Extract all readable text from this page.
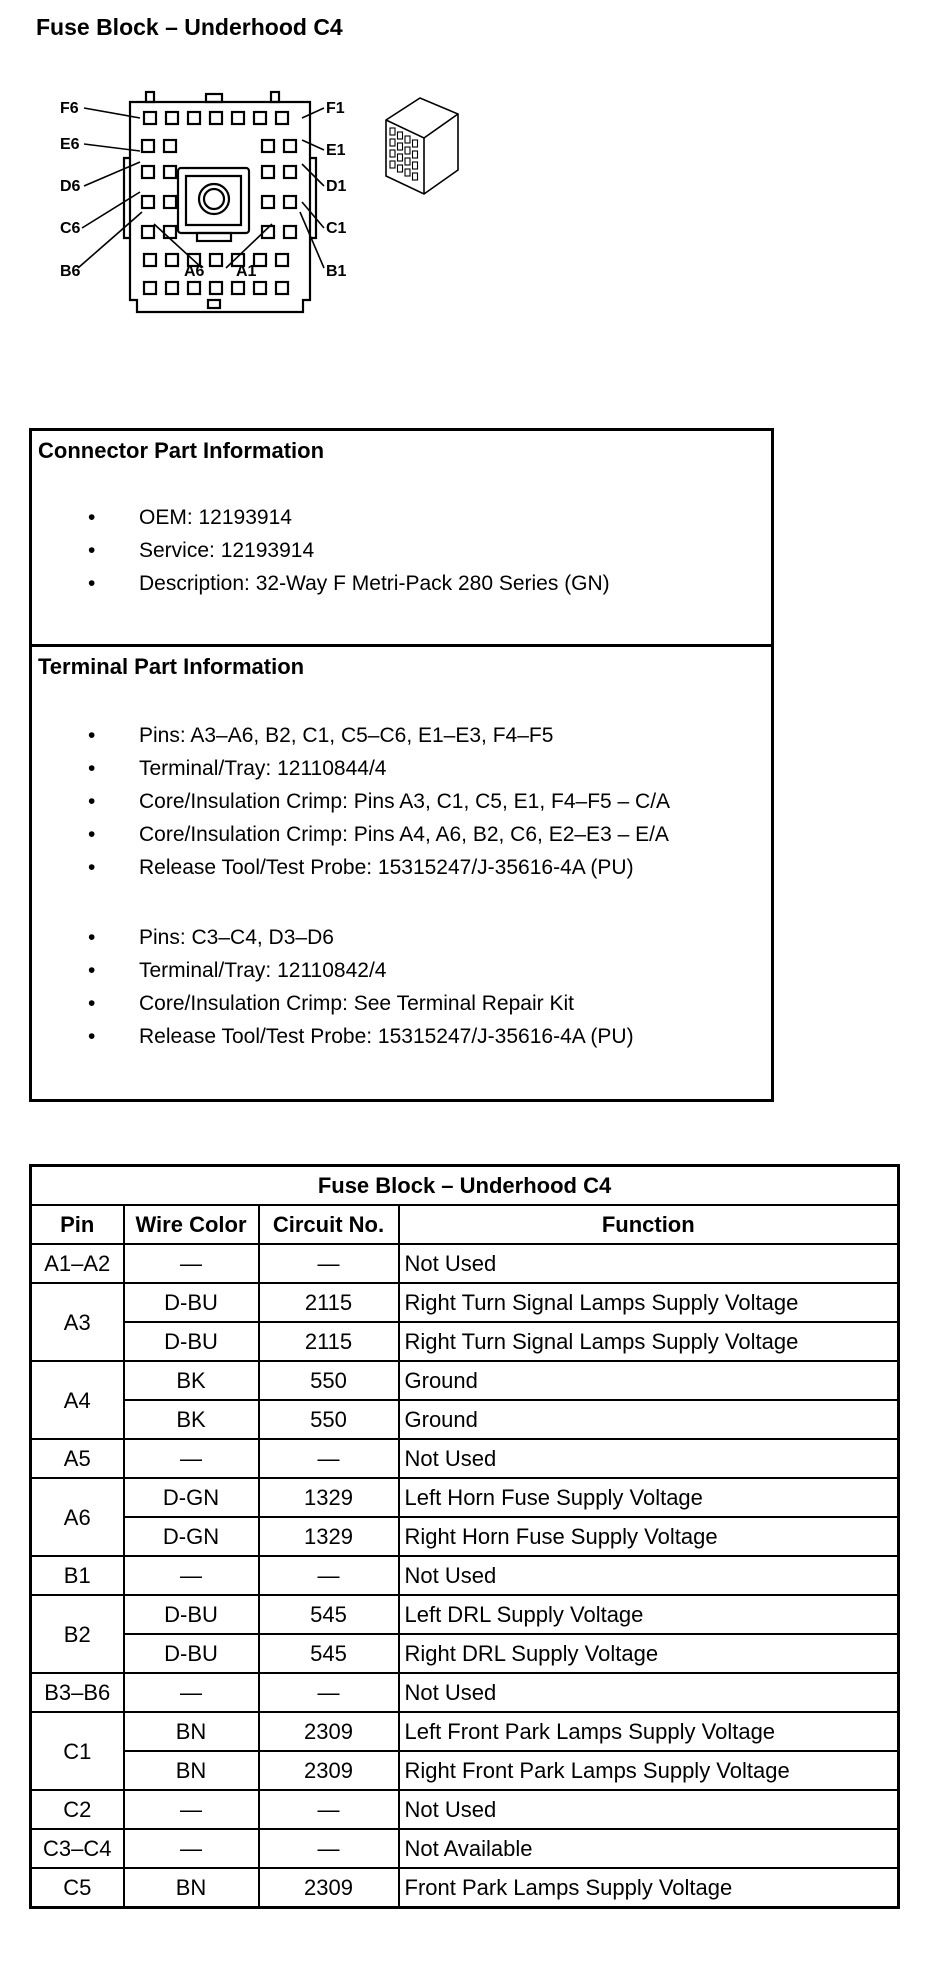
Fuse Block – Underhood C4
F6	F1
E6	E1
D6	D1
C6	C1
B6	A6 A1	B1
Connector Part Information
• OEM: 12193914
• Service: 12193914
• Description: 32-Way F Metri-Pack 280 Series (GN)
Terminal Part Information
• Pins: A3–A6, B2, C1, C5–C6, E1–E3, F4–F5
• Terminal/Tray: 12110844/4
• Core/Insulation Crimp: Pins A3, C1, C5, E1, F4–F5 – C/A
• Core/Insulation Crimp: Pins A4, A6, B2, C6, E2–E3 – E/A
• Release Tool/Test Probe: 15315247/J-35616-4A (PU)
• Pins: C3–C4, D3–D6
• Terminal/Tray: 12110842/4
• Core/Insulation Crimp: See Terminal Repair Kit
• Release Tool/Test Probe: 15315247/J-35616-4A (PU)
Fuse Block – Underhood C4			
Pin	Wire Color	Circuit No.	Function
A1–A2	—	—	Not Used
A3	D-BU	2115	Right Turn Signal Lamps Supply Voltage
	D-BU	2115	Right Turn Signal Lamps Supply Voltage
A4	BK	550	Ground
	BK	550	Ground
A5	—	—	Not Used
A6	D-GN	1329	Left Horn Fuse Supply Voltage
	D-GN	1329	Right Horn Fuse Supply Voltage
B1	—	—	Not Used
B2	D-BU	545	Left DRL Supply Voltage
	D-BU	545	Right DRL Supply Voltage
B3–B6	—	—	Not Used
C1	BN	2309	Left Front Park Lamps Supply Voltage
	BN	2309	Right Front Park Lamps Supply Voltage
C2	—	—	Not Used
C3–C4	—	—	Not Available
C5	BN	2309	Front Park Lamps Supply Voltage
